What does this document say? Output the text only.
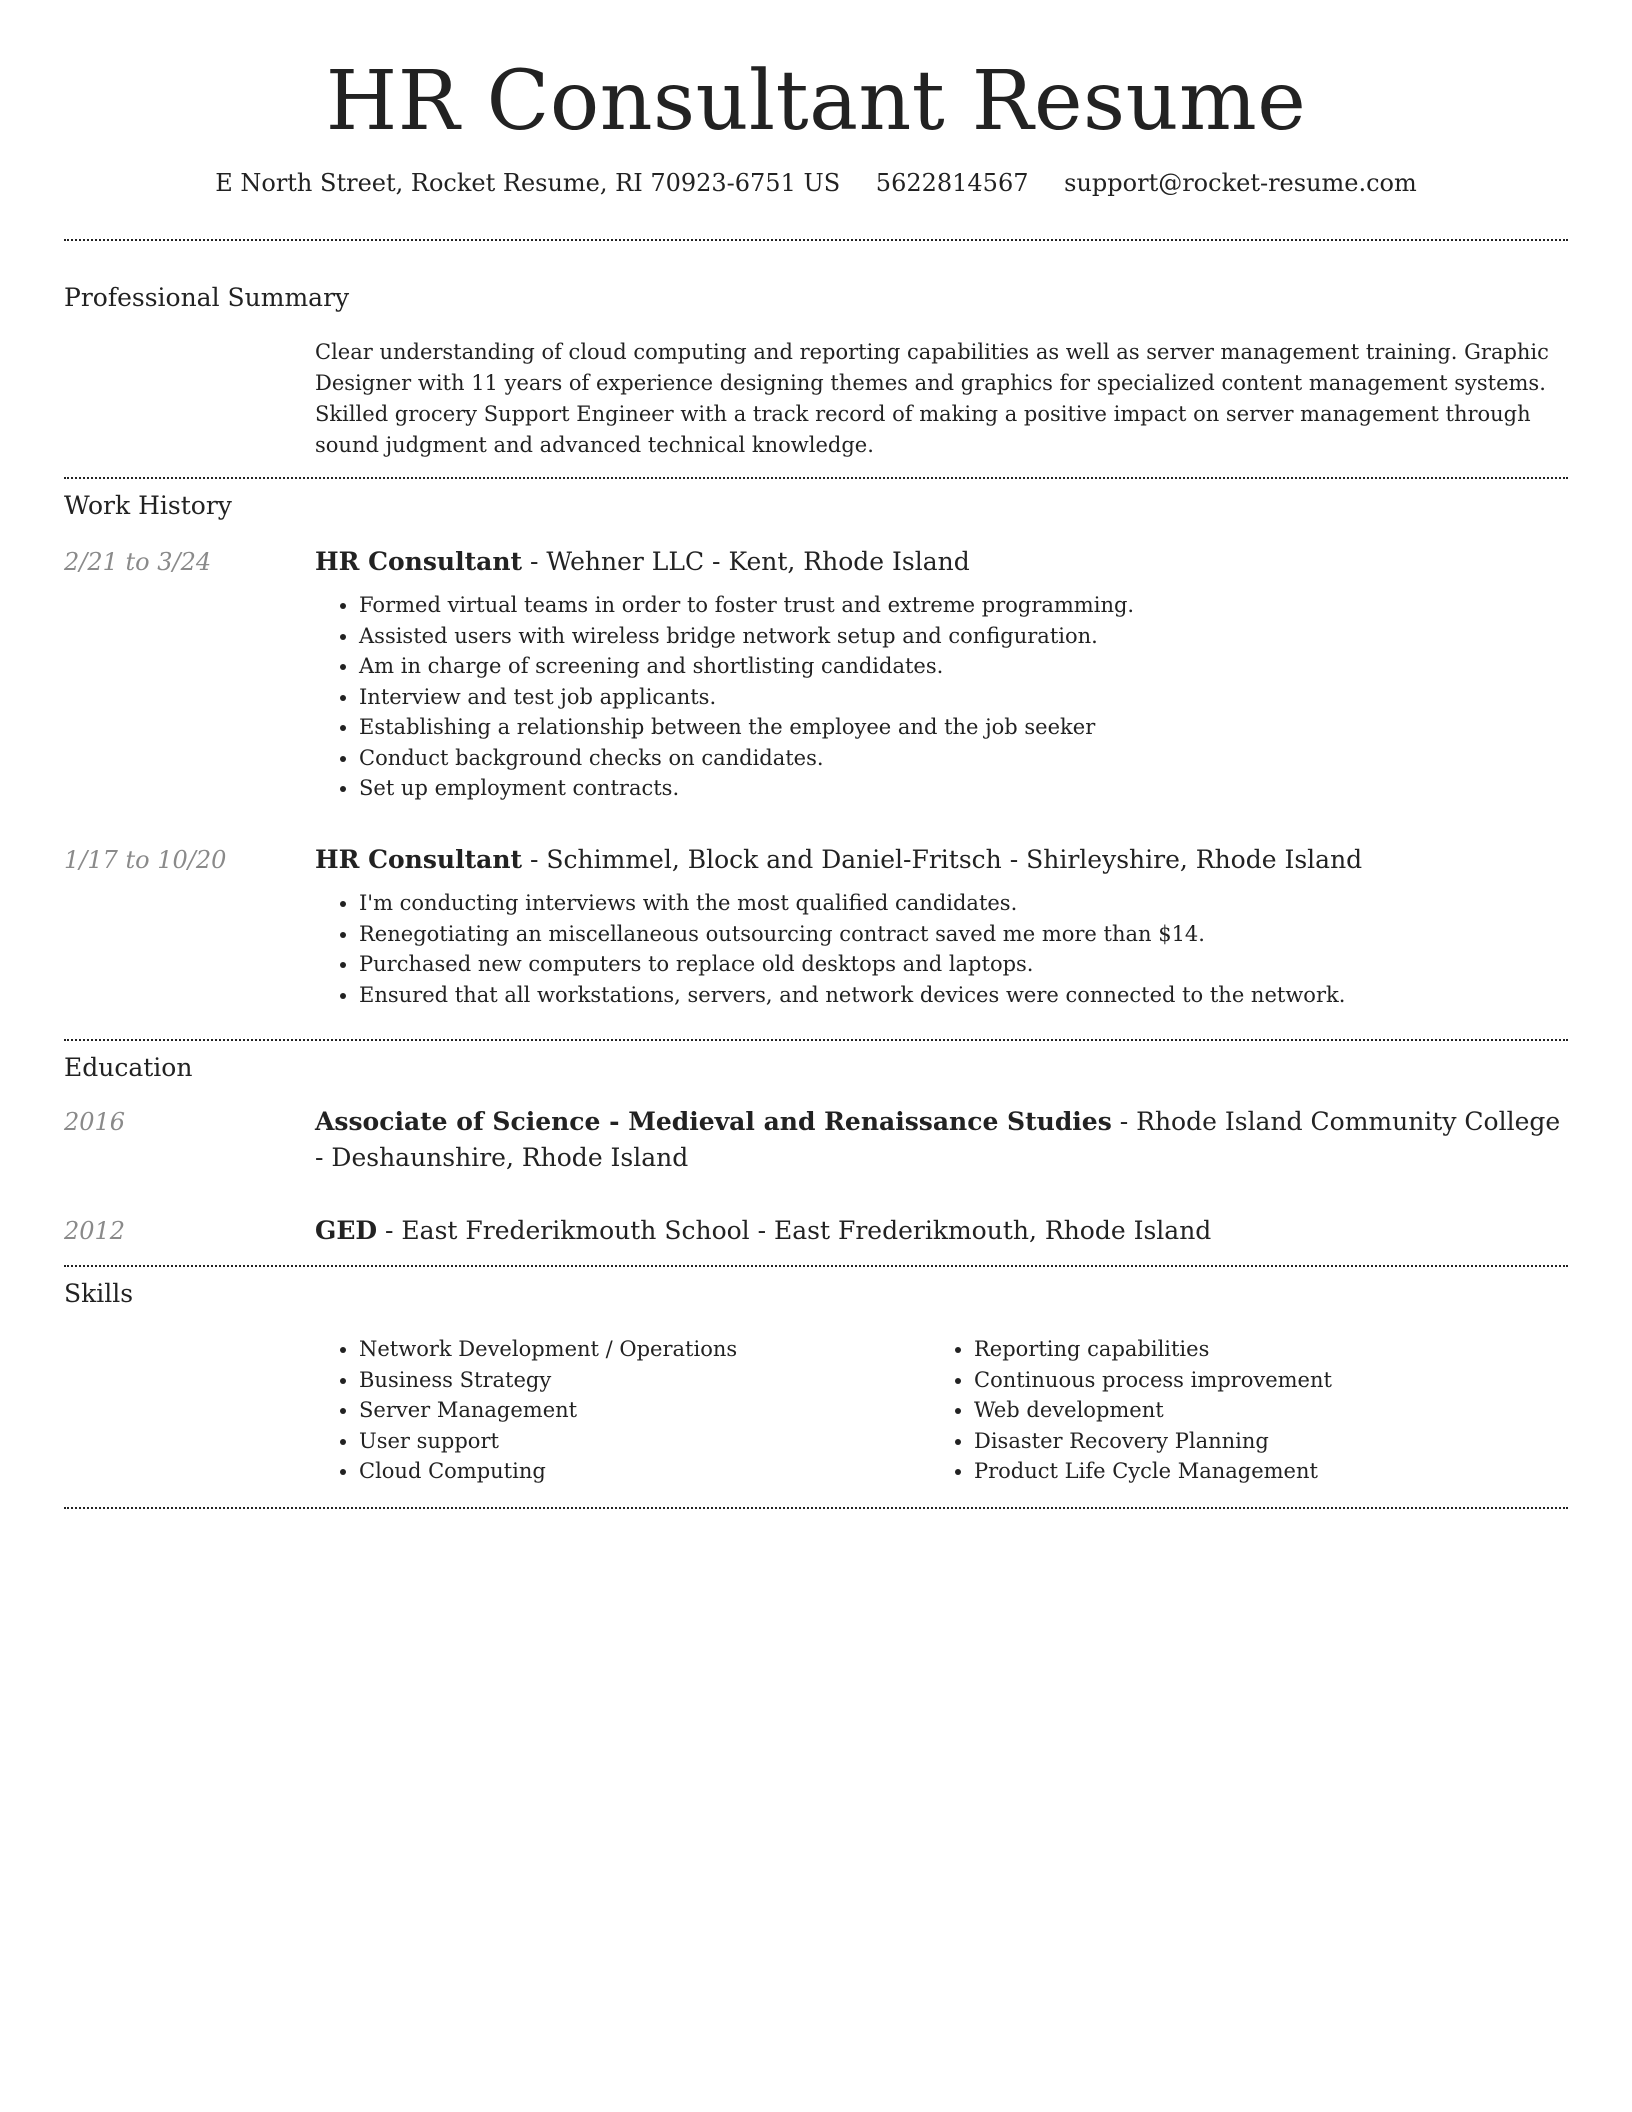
HR Consultant Resume
E North Street, Rocket Resume, RI 70923-6751 US 5622814567 support@rocket-resume.com
Professional Summary
Clear understanding of cloud computing and reporting capabilities as well as server management training. Graphic Designer with 11 years of experience designing themes and graphics for specialized content management systems. Skilled grocery Support Engineer with a track record of making a positive impact on server management through sound judgment and advanced technical knowledge.
Work History
2/21 to 3/24	HR Consultant - Wehner LLC - Kent, Rhode Island
• Formed virtual teams in order to foster trust and extreme programming.
• Assisted users with wireless bridge network setup and configuration.
• Am in charge of screening and shortlisting candidates.
• Interview and test job applicants.
• Establishing a relationship between the employee and the job seeker
• Conduct background checks on candidates.
• Set up employment contracts.
1/17 to 10/20	HR Consultant - Schimmel, Block and Daniel-Fritsch - Shirleyshire, Rhode Island
• I'm conducting interviews with the most qualified candidates.
• Renegotiating an miscellaneous outsourcing contract saved me more than $14.
• Purchased new computers to replace old desktops and laptops.
• Ensured that all workstations, servers, and network devices were connected to the network.
Education
2016	Associate of Science - Medieval and Renaissance Studies - Rhode Island Community College - Deshaunshire, Rhode Island
2012	GED - East Frederikmouth School - East Frederikmouth, Rhode Island
Skills
• Network Development / Operations
• Business Strategy
• Server Management
• User support
• Cloud Computing
• Reporting capabilities
• Continuous process improvement
• Web development
• Disaster Recovery Planning
• Product Life Cycle Management
